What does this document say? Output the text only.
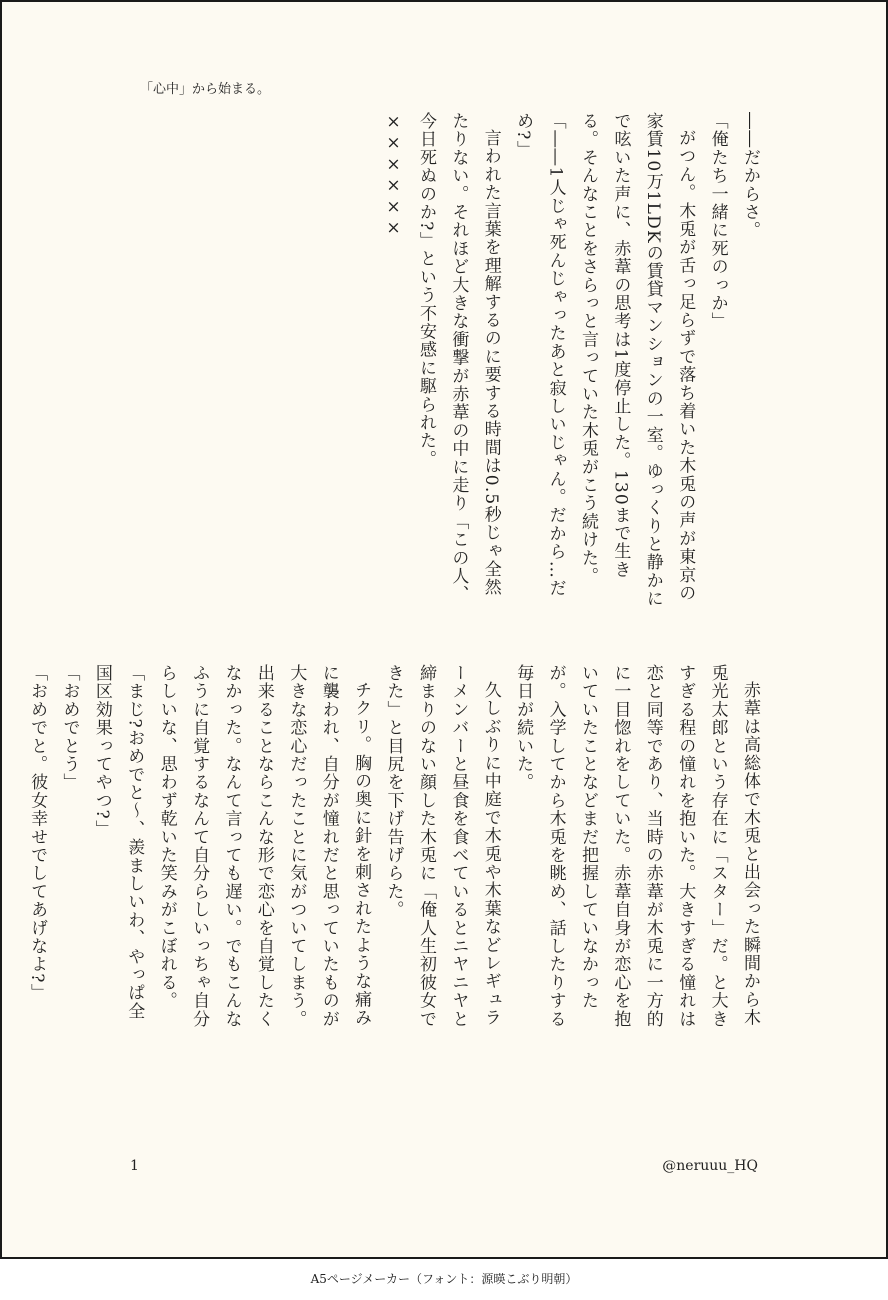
「心中」から始まる。

――だからさ。

「俺たち一緒に死のっか」

がつん。木兎が舌っ足らずで落ち着いた木兎の声が東京の家賃10万1LDKの賃貸マンションの一室。ゆっくりと静かにで呟いた声に、赤葦の思考は1度停止した。130まで生きる。そんなことをさらっと言っていた木兎がこう続けた。

「――1人じゃ死んじゃったあと寂しいじゃん。だから…だめ?」

言われた言葉を理解するのに要する時間は0.5秒じゃ全然たりない。それほど大きな衝撃が赤葦の中に走り「この人、今日死ぬのか?」という不安感に駆られた。

××××××

赤葦は高総体で木兎と出会った瞬間から木兎光太郎という存在に「スター」だ。と大きすぎる程の憧れを抱いた。大きすぎる憧れは恋と同等であり、当時の赤葦が木兎に一方的に一目惚れをしていた。赤葦自身が恋心を抱いていたことなどまだ把握していなかったが。入学してから木兎を眺め、話したりする毎日が続いた。

久しぶりに中庭で木兎や木葉などレギュラーメンバーと昼食を食べているとニヤニヤと締まりのない顔した木兎に「俺人生初彼女できた」と目尻を下げ告げらた。

チクリ。胸の奥に針を刺されたような痛みに襲われ、自分が憧れだと思っていたものが大きな恋心だったことに気がついてしまう。出来ることならこんな形で恋心を自覚したくなかった。なんて言っても遅い。でもこんなふうに自覚するなんて自分らしいっちゃ自分らしいな、思わず乾いた笑みがこぼれる。

「まじ?おめでと〜、羨ましいわ、やっぱ全国区効果ってやつ?」

「おめでとう」

「おめでと。彼女幸せでしてあげなよ?」

1	@neruuu_HQ
A5ページメーカー（フォント：源暎こぶり明朝）
